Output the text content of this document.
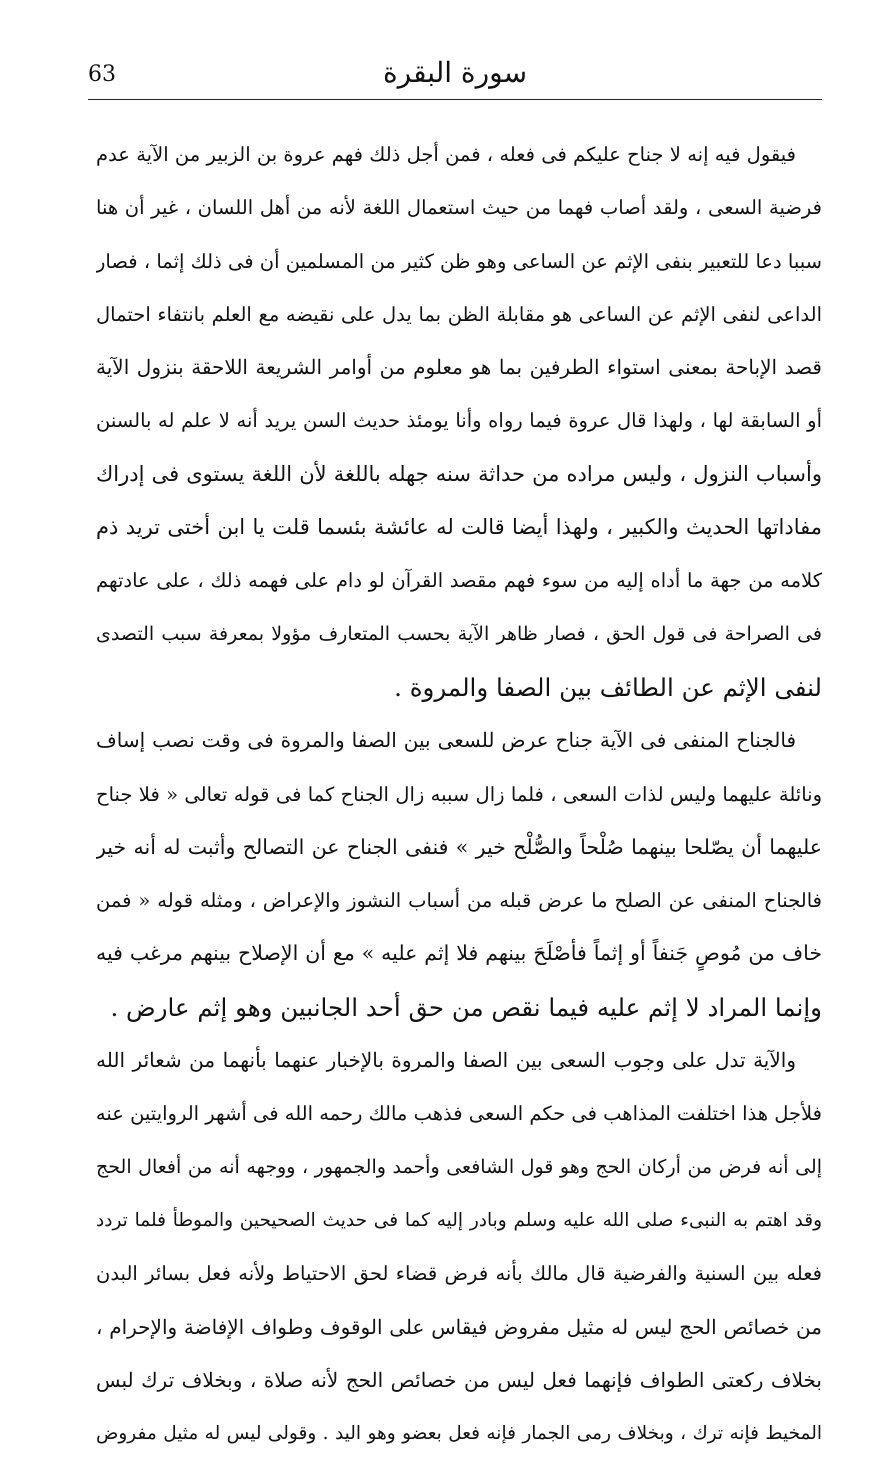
63	سورة البقرة
فيقول فيه إنه لا جناح عليكم فى فعله ، فمن أجل ذلك فهم عروة بن الزبير من الآية عدم
فرضية السعى ، ولقد أصاب فهما من حيث استعمال اللغة لأنه من أهل اللسان ، غير أن هنا
سببا دعا للتعبير بنفى الإثم عن الساعى وهو ظن كثير من المسلمين أن فى ذلك إثما ، فصار
الداعى لنفى الإثم عن الساعى هو مقابلة الظن بما يدل على نقيضه مع العلم بانتفاء احتمال
قصد الإباحة بمعنى استواء الطرفين بما هو معلوم من أوامر الشريعة اللاحقة بنزول الآية
أو السابقة لها ، ولهذا قال عروة فيما رواه وأنا يومئذ حديث السن يريد أنه لا علم له بالسنن
وأسباب النزول ، وليس مراده من حداثة سنه جهله باللغة لأن اللغة يستوى فى إدراك
مفاداتها الحديث والكبير ، ولهذا أيضا قالت له عائشة بئسما قلت يا ابن أختى تريد ذم
كلامه من جهة ما أداه إليه من سوء فهم مقصد القرآن لو دام على فهمه ذلك ، على عادتهم
فى الصراحة فى قول الحق ، فصار ظاهر الآية بحسب المتعارف مؤولا بمعرفة سبب التصدى
لنفى الإثم عن الطائف بين الصفا والمروة .
فالجناح المنفى فى الآية جناح عرض للسعى بين الصفا والمروة فى وقت نصب إساف
ونائلة عليهما وليس لذات السعى ، فلما زال سببه زال الجناح كما فى قوله تعالى « فلا جناح
عليهما أن يصّلحا بينهما صُلْحاً والصُّلْح خير » فنفى الجناح عن التصالح وأثبت له أنه خير
فالجناح المنفى عن الصلح ما عرض قبله من أسباب النشوز والإعراض ، ومثله قوله « فمن
خاف من مُوصٍ جَنفاً أو إثماً فأصْلَحَ بينهم فلا إثم عليه » مع أن الإصلاح بينهم مرغب فيه
وإنما المراد لا إثم عليه فيما نقص من حق أحد الجانبين وهو إثم عارض .
والآية تدل على وجوب السعى بين الصفا والمروة بالإخبار عنهما بأنهما من شعائر الله
فلأجل هذا اختلفت المذاهب فى حكم السعى فذهب مالك رحمه الله فى أشهر الروايتين عنه
إلى أنه فرض من أركان الحج وهو قول الشافعى وأحمد والجمهور ، ووجهه أنه من أفعال الحج
وقد اهتم به النبىء صلى الله عليه وسلم وبادر إليه كما فى حديث الصحيحين والموطأ فلما تردد
فعله بين السنية والفرضية قال مالك بأنه فرض قضاء لحق الاحتياط ولأنه فعل بسائر البدن
من خصائص الحج ليس له مثيل مفروض فيقاس على الوقوف وطواف الإفاضة والإحرام ،
بخلاف ركعتى الطواف فإنهما فعل ليس من خصائص الحج لأنه صلاة ، وبخلاف ترك لبس
المخيط فإنه ترك ، وبخلاف رمى الجمار فإنه فعل بعضو وهو اليد . وقولى ليس له مثيل مفروض
